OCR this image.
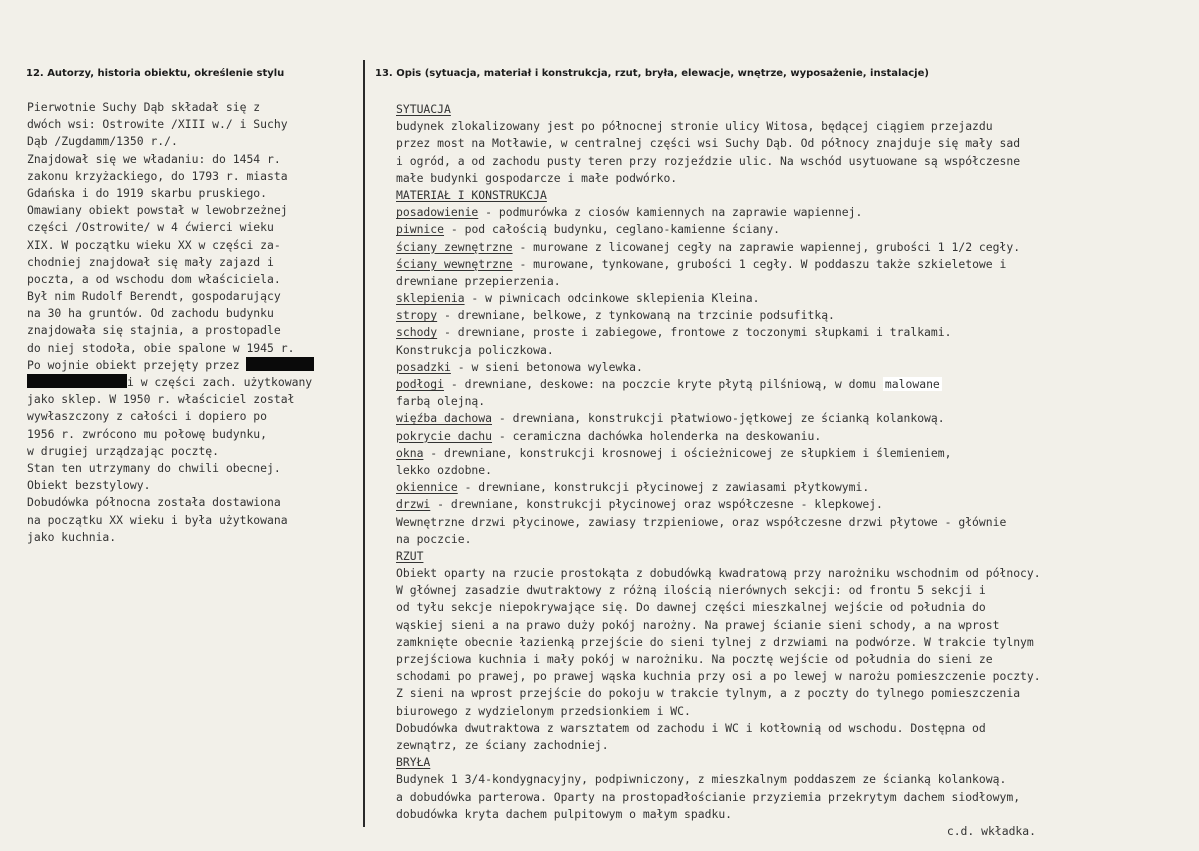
12. Autorzy, historia obiektu, określenie stylu	13. Opis (sytuacja, materiał i konstrukcja, rzut, bryła, elewacje, wnętrze, wyposażenie, instalacje)
Pierwotnie Suchy Dąb składał się z
dwóch wsi: Ostrowite /XIII w./ i Suchy
Dąb /Zugdamm/1350 r./.
Znajdował się we władaniu: do 1454 r.
zakonu krzyżackiego, do 1793 r. miasta
Gdańska i do 1919 skarbu pruskiego.
Omawiany obiekt powstał w lewobrzeżnej
części /Ostrowite/ w 4 ćwierci wieku
XIX. W początku wieku XX w części za-
chodniej znajdował się mały zajazd i
poczta, a od wschodu dom właściciela.
Był nim Rudolf Berendt, gospodarujący
na 30 ha gruntów. Od zachodu budynku
znajdowała się stajnia, a prostopadle
do niej stodoła, obie spalone w 1945 r.
Po wojnie obiekt przejęty przez
i w części zach. użytkowany
jako sklep. W 1950 r. właściciel został
wywłaszczony z całości i dopiero po
1956 r. zwrócono mu połowę budynku,
w drugiej urządzając pocztę.
Stan ten utrzymany do chwili obecnej.
Obiekt bezstylowy.
Dobudówka północna została dostawiona
na początku XX wieku i była użytkowana
jako kuchnia.
SYTUACJA
budynek zlokalizowany jest po północnej stronie ulicy Witosa, będącej ciągiem przejazdu
przez most na Motławie, w centralnej części wsi Suchy Dąb. Od północy znajduje się mały sad
i ogród, a od zachodu pusty teren przy rozjeździe ulic. Na wschód usytuowane są współczesne
małe budynki gospodarcze i małe podwórko.
MATERIAŁ I KONSTRUKCJA
posadowienie - podmurówka z ciosów kamiennych na zaprawie wapiennej.
piwnice - pod całością budynku, ceglano-kamienne ściany.
ściany zewnętrzne - murowane z licowanej cegły na zaprawie wapiennej, grubości 1 1/2 cegły.
ściany wewnętrzne - murowane, tynkowane, grubości 1 cegły. W poddaszu także szkieletowe i
drewniane przepierzenia.
sklepienia - w piwnicach odcinkowe sklepienia Kleina.
stropy - drewniane, belkowe, z tynkowaną na trzcinie podsufitką.
schody - drewniane, proste i zabiegowe, frontowe z toczonymi słupkami i tralkami.
Konstrukcja policzkowa.
posadzki - w sieni betonowa wylewka.
podłogi - drewniane, deskowe: na poczcie kryte płytą pilśniową, w domu malowane
farbą olejną.
więźba dachowa - drewniana, konstrukcji płatwiowo-jętkowej ze ścianką kolankową.
pokrycie dachu - ceramiczna dachówka holenderka na deskowaniu.
okna - drewniane, konstrukcji krosnowej i ościeżnicowej ze słupkiem i ślemieniem,
lekko ozdobne.
okiennice - drewniane, konstrukcji płycinowej z zawiasami płytkowymi.
drzwi - drewniane, konstrukcji płycinowej oraz współczesne - klepkowej.
Wewnętrzne drzwi płycinowe, zawiasy trzpieniowe, oraz współczesne drzwi płytowe - głównie
na poczcie.
RZUT
Obiekt oparty na rzucie prostokąta z dobudówką kwadratową przy narożniku wschodnim od północy.
W głównej zasadzie dwutraktowy z różną ilością nierównych sekcji: od frontu 5 sekcji i
od tyłu sekcje niepokrywające się. Do dawnej części mieszkalnej wejście od południa do
wąskiej sieni a na prawo duży pokój narożny. Na prawej ścianie sieni schody, a na wprost
zamknięte obecnie łazienką przejście do sieni tylnej z drzwiami na podwórze. W trakcie tylnym
przejściowa kuchnia i mały pokój w narożniku. Na pocztę wejście od południa do sieni ze
schodami po prawej, po prawej wąska kuchnia przy osi a po lewej w narożu pomieszczenie poczty.
Z sieni na wprost przejście do pokoju w trakcie tylnym, a z poczty do tylnego pomieszczenia
biurowego z wydzielonym przedsionkiem i WC.
Dobudówka dwutraktowa z warsztatem od zachodu i WC i kotłownią od wschodu. Dostępna od
zewnątrz, ze ściany zachodniej.
BRYŁA
Budynek 1 3/4-kondygnacyjny, podpiwniczony, z mieszkalnym poddaszem ze ścianką kolankową.
a dobudówka parterowa. Oparty na prostopadłościanie przyziemia przekrytym dachem siodłowym,
dobudówka kryta dachem pulpitowym o małym spadku.
c.d. wkładka.
